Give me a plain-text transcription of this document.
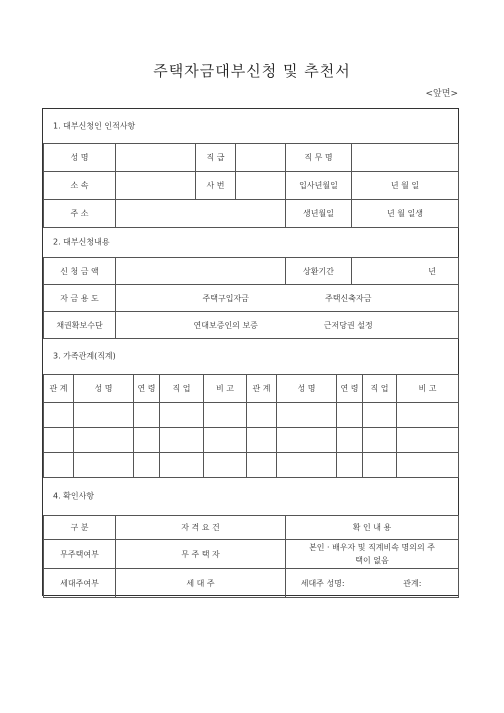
주택자금대부신청 및 추천서
<앞면>
1. 대부신청인 인적사항
성 명		직 급		직 무 명	
소 속		사 번		입사년월일	년 월 일
주 소				생년월일	년 월 일생
2. 대부신청내용
신 청 금 액		상환기간	년
자 금 용 도	주택구입자금 주택신축자금		
채권확보수단	연대보증인의 보증 근저당권 설정		
3. 가족관계(직계)
관 계	성 명	연 령	직 업	비 고	관 계	성 명	연 령	직 업	비 고

4. 확인사항
구 분	자 격 요 건	확 인 내 용
무주택여부	무 주 택 자	본인 · 배우자 및 직계비속 명의의 주택이 없음
세대주여부	세 대 주	세대주 성명: 관계:
